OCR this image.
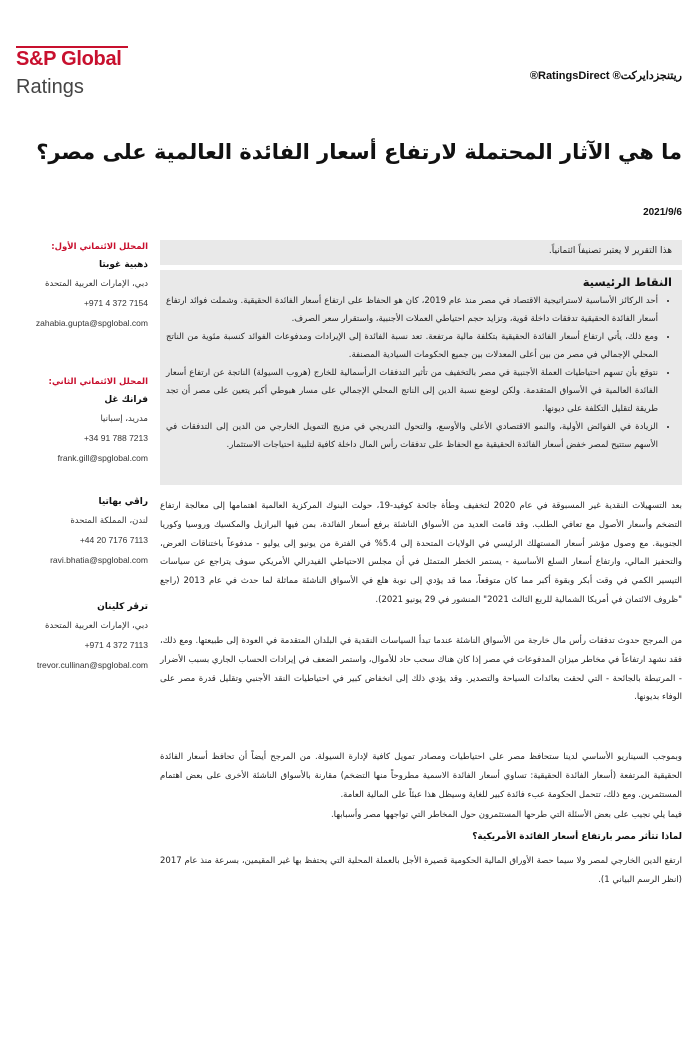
S&P Global
Ratings	ريتنجزدايركت® RatingsDirect®
ما هي الآثار المحتملة لارتفاع أسعار الفائدة العالمية على مصر؟
2021/9/6
المحلل الائتماني الأول:
ذهبية غوبتا
دبي، الإمارات العربية المتحدة
+971 4 372 7154
zahabia.gupta@spglobal.com
المحلل الائتماني الثاني:
فرانك غل
مدريد، إسبانيا
+34 91 788 7213
frank.gill@spglobal.com
راڤي بهاتيا
لندن، المملكة المتحدة
+44 20 7176 7113
ravi.bhatia@spglobal.com
ترڤر كلينان
دبي، الإمارات العربية المتحدة
+971 4 372 7113
trevor.cullinan@spglobal.com
هذا التقرير لا يعتبر تصنيفاً ائتمانياً.
النقاط الرئيسية
• أحد الركائز الأساسية لاستراتيجية الاقتصاد في مصر منذ عام 2019، كان هو الحفاظ على ارتفاع أسعار الفائدة الحقيقية. وشملت فوائد ارتفاع أسعار الفائدة الحقيقية تدفقات داخلة قوية، وتزايد حجم احتياطي العملات الأجنبية، واستقرار سعر الصرف.
• ومع ذلك، يأتي ارتفاع أسعار الفائدة الحقيقية بتكلفة مالية مرتفعة. تعد نسبة الفائدة إلى الإيرادات ومدفوعات الفوائد كنسبة مئوية من الناتج المحلي الإجمالي في مصر من بين أعلى المعدلات بين جميع الحكومات السيادية المصنفة.
• نتوقع بأن تسهم احتياطيات العملة الأجنبية في مصر بالتخفيف من تأثير التدفقات الرأسمالية للخارج (هروب السيولة) الناتجة عن ارتفاع أسعار الفائدة العالمية في الأسواق المتقدمة. ولكن لوضع نسبة الدين إلى الناتج المحلي الإجمالي على مسار هبوطي أكبر يتعين على مصر أن تجد طريقة لتقليل التكلفة على ديونها.
• الزيادة في الفوائض الأولية، والنمو الاقتصادي الأعلى والأوسع، والتحول التدريجي في مزيج التمويل الخارجي من الدين إلى التدفقات في الأسهم ستتيح لمصر خفض أسعار الفائدة الحقيقية مع الحفاظ على تدفقات رأس المال داخلة كافية لتلبية احتياجات الاستثمار.
بعد التسهيلات النقدية غير المسبوقة في عام 2020 لتخفيف وطأة جائحة كوفيد-19، حولت البنوك المركزية العالمية اهتمامها إلى معالجة ارتفاع التضخم وأسعار الأصول مع تعافي الطلب. وقد قامت العديد من الأسواق الناشئة برفع أسعار الفائدة، بمن فيها البرازيل والمكسيك وروسيا وكوريا الجنوبية. مع وصول مؤشر أسعار المستهلك الرئيسي في الولايات المتحدة إلى 5.4% في الفترة من يونيو إلى يوليو - مدفوعاً باختناقات العرض، والتحفيز المالي، وارتفاع أسعار السلع الأساسية - يستمر الخطر المتمثل في أن مجلس الاحتياطي الفيدرالي الأمريكي سوف يتراجع عن سياسات التيسير الكمي في وقت أبكر وبقوة أكبر مما كان متوقعاً، مما قد يؤدي إلى نوبة هلع في الأسواق الناشئة مماثلة لما حدث في عام 2013 (راجع "ظروف الائتمان في أمريكا الشمالية للربع الثالث 2021" المنشور في 29 يونيو 2021).
من المرجح حدوث تدفقات رأس مال خارجة من الأسواق الناشئة عندما تبدأ السياسات النقدية في البلدان المتقدمة في العودة إلى طبيعتها. ومع ذلك، فقد نشهد ارتفاعاً في مخاطر ميزان المدفوعات في مصر إذا كان هناك سحب حاد للأموال، واستمر الضعف في إيرادات الحساب الجاري بسبب الأضرار - المرتبطة بالجائحة - التي لحقت بعائدات السياحة والتصدير. وقد يؤدي ذلك إلى انخفاض كبير في احتياطيات النقد الأجنبي وتقليل قدرة مصر على الوفاء بديونها.
وبموجب السيناريو الأساسي لدينا ستحافظ مصر على احتياطيات ومصادر تمويل كافية لإدارة السيولة. من المرجح أيضاً أن تحافظ أسعار الفائدة الحقيقية المرتفعة (أسعار الفائدة الحقيقية: تساوي أسعار الفائدة الاسمية مطروحاً منها التضخم) مقارنة بالأسواق الناشئة الأخرى على بعض اهتمام المستثمرين. ومع ذلك، تتحمل الحكومة عبء فائدة كبير للغاية وسيظل هذا عبئاً على المالية العامة.
فيما يلي نجيب على بعض الأسئلة التي طرحها المستثمرون حول المخاطر التي تواجهها مصر وأسبابها.
لماذا تتأثر مصر بارتفاع أسعار الفائدة الأمريكية؟
ارتفع الدين الخارجي لمصر ولا سيما حصة الأوراق المالية الحكومية قصيرة الأجل بالعملة المحلية التي يحتفظ بها غير المقيمين، بسرعة منذ عام 2017 (انظر الرسم البياني 1).
